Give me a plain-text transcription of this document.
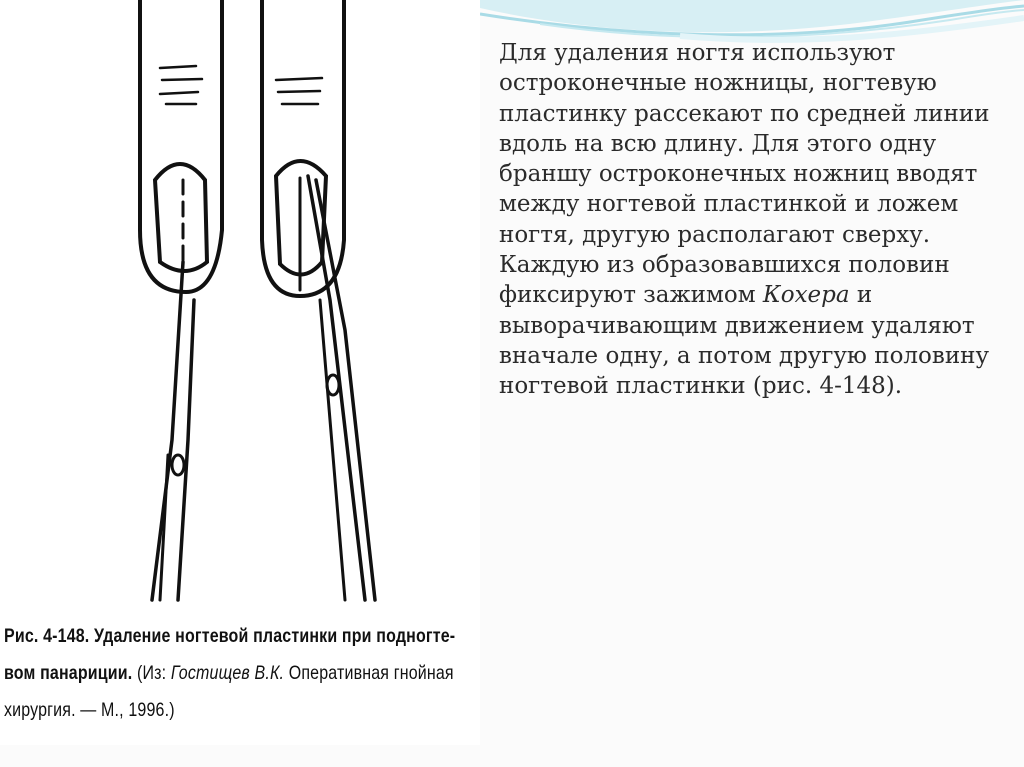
Рис. 4-148. Удаление ногтевой пластинки при подногте-вом панариции. (Из: Гостищев В.К. Оперативная гнойная хирургия. — М., 1996.)

Для удаления ногтя используют остроконечные ножницы, ногтевую пластинку рассекают по средней линии вдоль на всю длину. Для этого одну браншу остроконечных ножниц вводят между ногтевой пластинкой и ложем ногтя, другую располагают сверху. Каждую из образовавшихся половин фиксируют зажимом Кохера и выворачивающим движением удаляют вначале одну, а потом другую половину ногтевой пластинки (рис. 4-148).
